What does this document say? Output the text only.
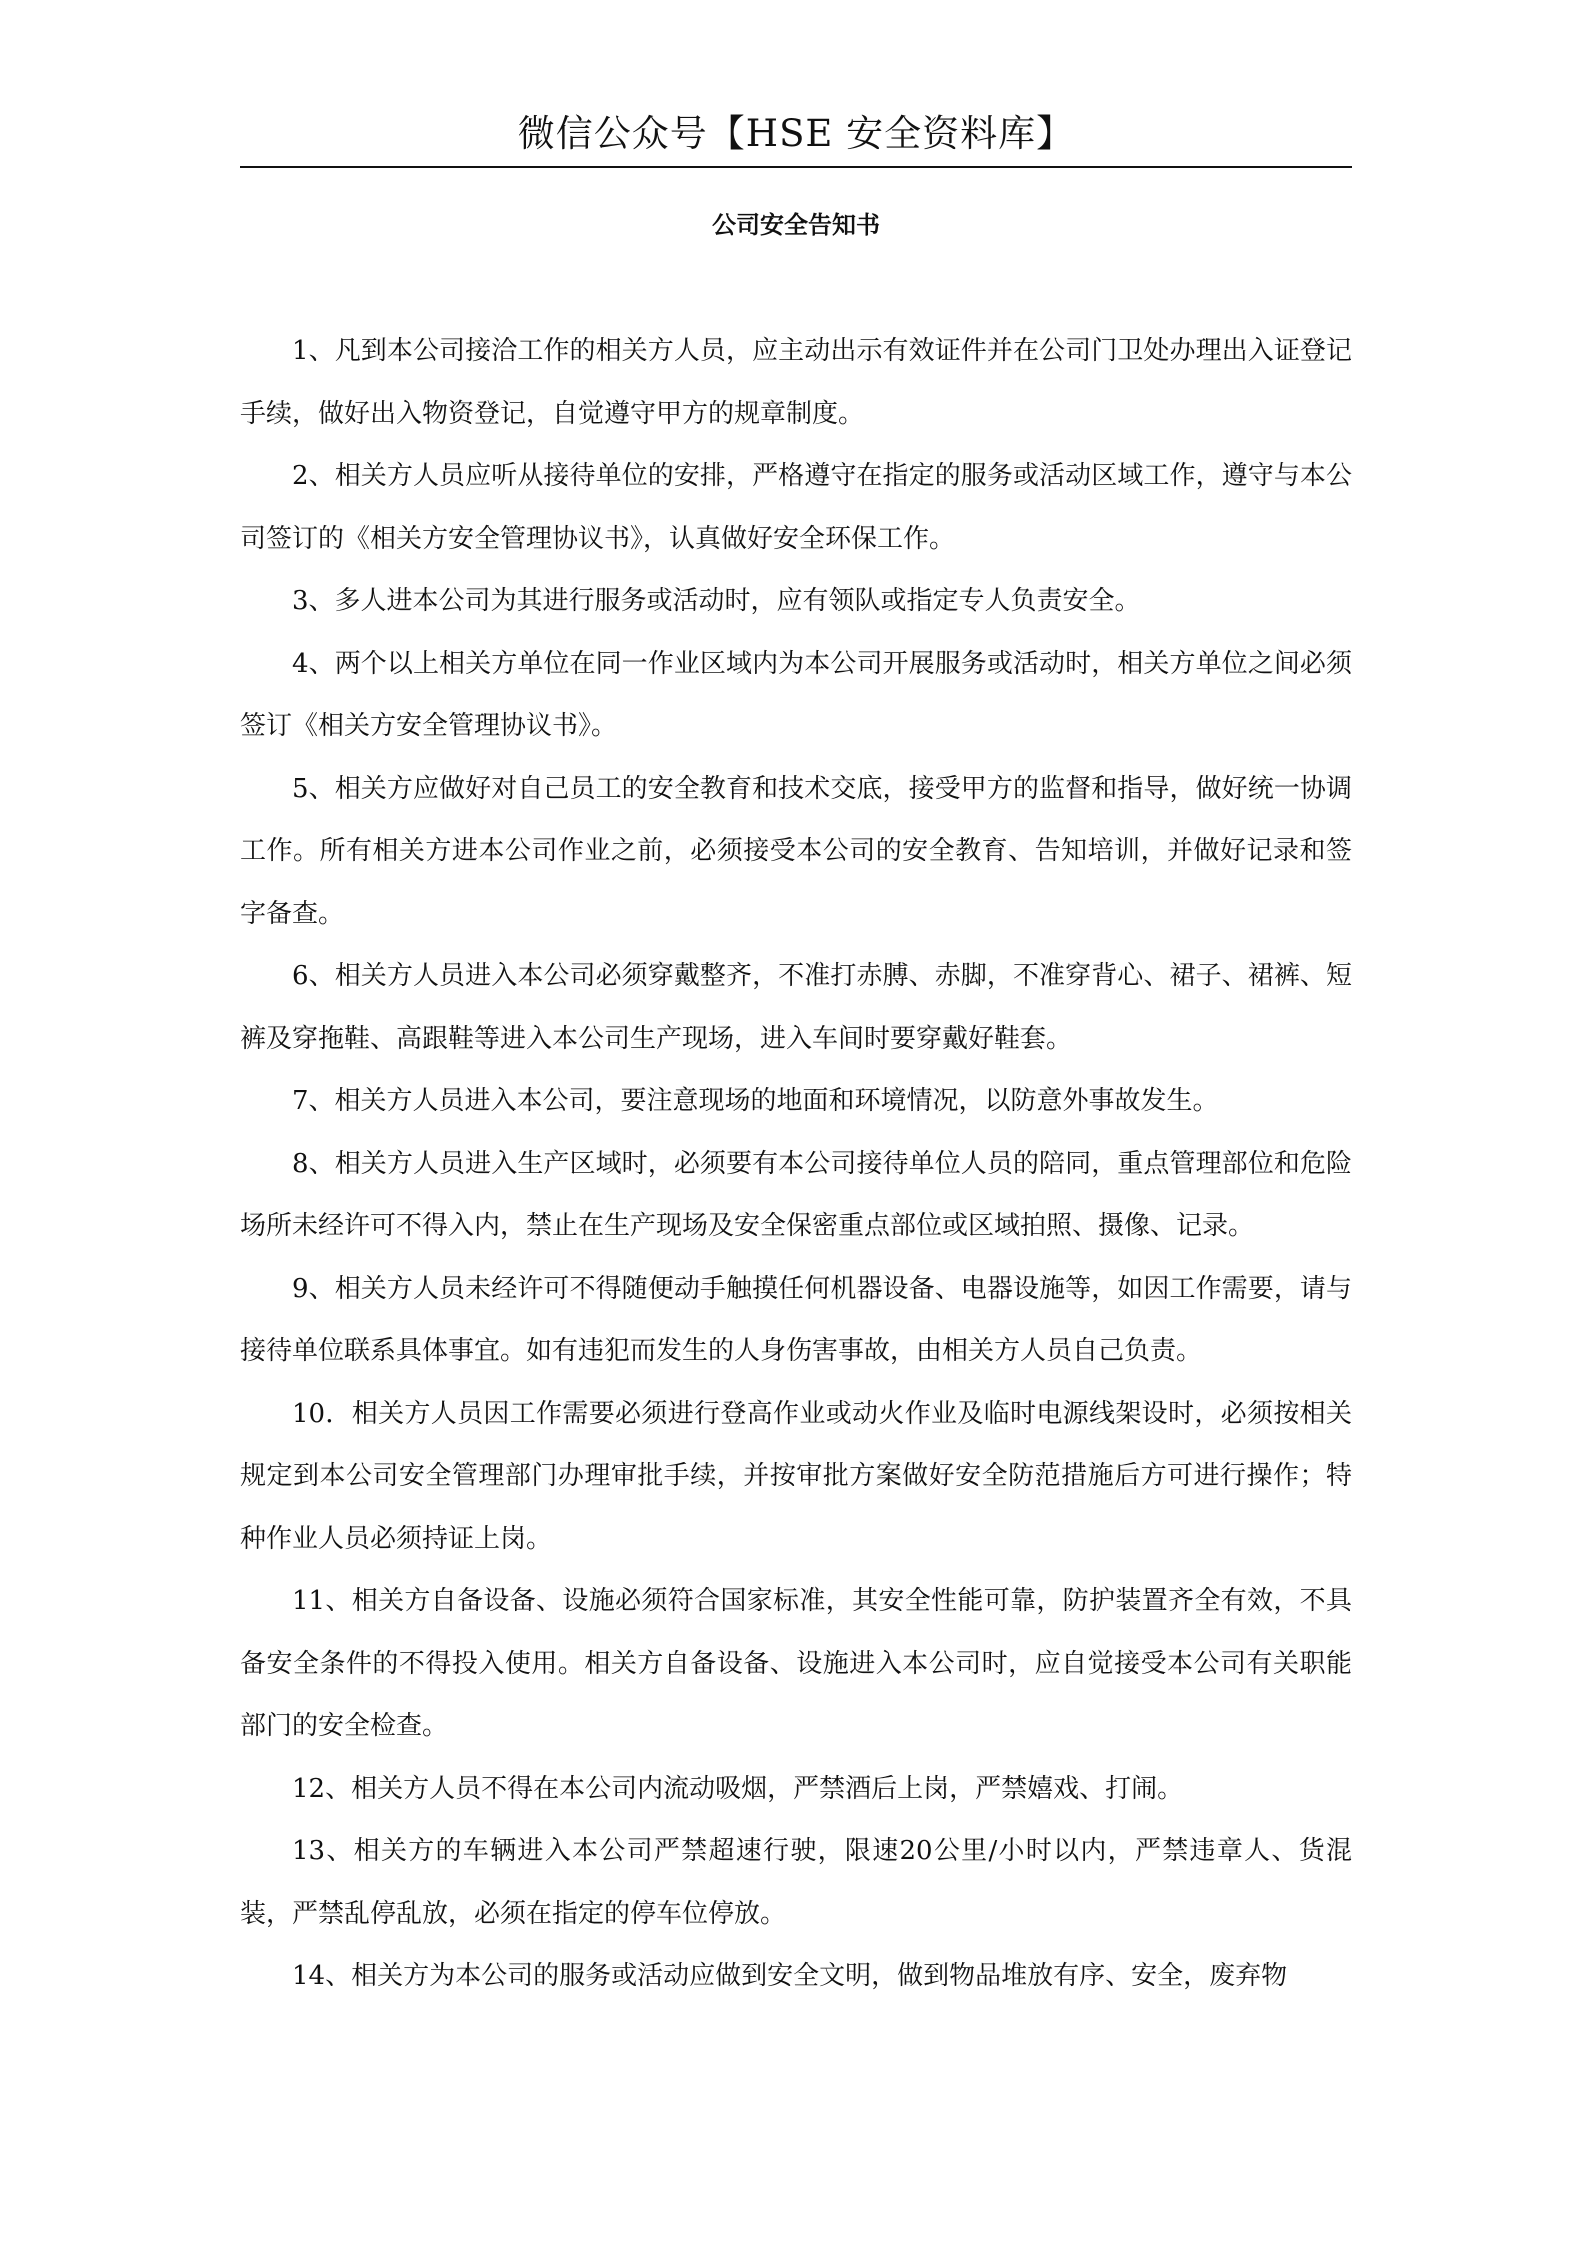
微信公众号【HSE 安全资料库】
公司安全告知书

1、凡到本公司接洽工作的相关方人员，应主动出示有效证件并在公司门卫处办理出入证登记手续，做好出入物资登记，自觉遵守甲方的规章制度。

2、相关方人员应听从接待单位的安排，严格遵守在指定的服务或活动区域工作，遵守与本公司签订的《相关方安全管理协议书》，认真做好安全环保工作。

3、多人进本公司为其进行服务或活动时，应有领队或指定专人负责安全。

4、两个以上相关方单位在同一作业区域内为本公司开展服务或活动时，相关方单位之间必须签订《相关方安全管理协议书》。

5、相关方应做好对自己员工的安全教育和技术交底，接受甲方的监督和指导，做好统一协调工作。所有相关方进本公司作业之前，必须接受本公司的安全教育、告知培训，并做好记录和签字备查。

6、相关方人员进入本公司必须穿戴整齐，不准打赤膊、赤脚，不准穿背心、裙子、裙裤、短裤及穿拖鞋、高跟鞋等进入本公司生产现场，进入车间时要穿戴好鞋套。

7、相关方人员进入本公司，要注意现场的地面和环境情况，以防意外事故发生。

8、相关方人员进入生产区域时，必须要有本公司接待单位人员的陪同，重点管理部位和危险场所未经许可不得入内，禁止在生产现场及安全保密重点部位或区域拍照、摄像、记录。

9、相关方人员未经许可不得随便动手触摸任何机器设备、电器设施等，如因工作需要，请与接待单位联系具体事宜。如有违犯而发生的人身伤害事故，由相关方人员自己负责。

10．相关方人员因工作需要必须进行登高作业或动火作业及临时电源线架设时，必须按相关规定到本公司安全管理部门办理审批手续，并按审批方案做好安全防范措施后方可进行操作；特种作业人员必须持证上岗。

11、相关方自备设备、设施必须符合国家标准，其安全性能可靠，防护装置齐全有效，不具备安全条件的不得投入使用。相关方自备设备、设施进入本公司时，应自觉接受本公司有关职能部门的安全检查。

12、相关方人员不得在本公司内流动吸烟，严禁酒后上岗，严禁嬉戏、打闹。

13、相关方的车辆进入本公司严禁超速行驶，限速20公里/小时以内，严禁违章人、货混装，严禁乱停乱放，必须在指定的停车位停放。

14、相关方为本公司的服务或活动应做到安全文明，做到物品堆放有序、安全，废弃物
